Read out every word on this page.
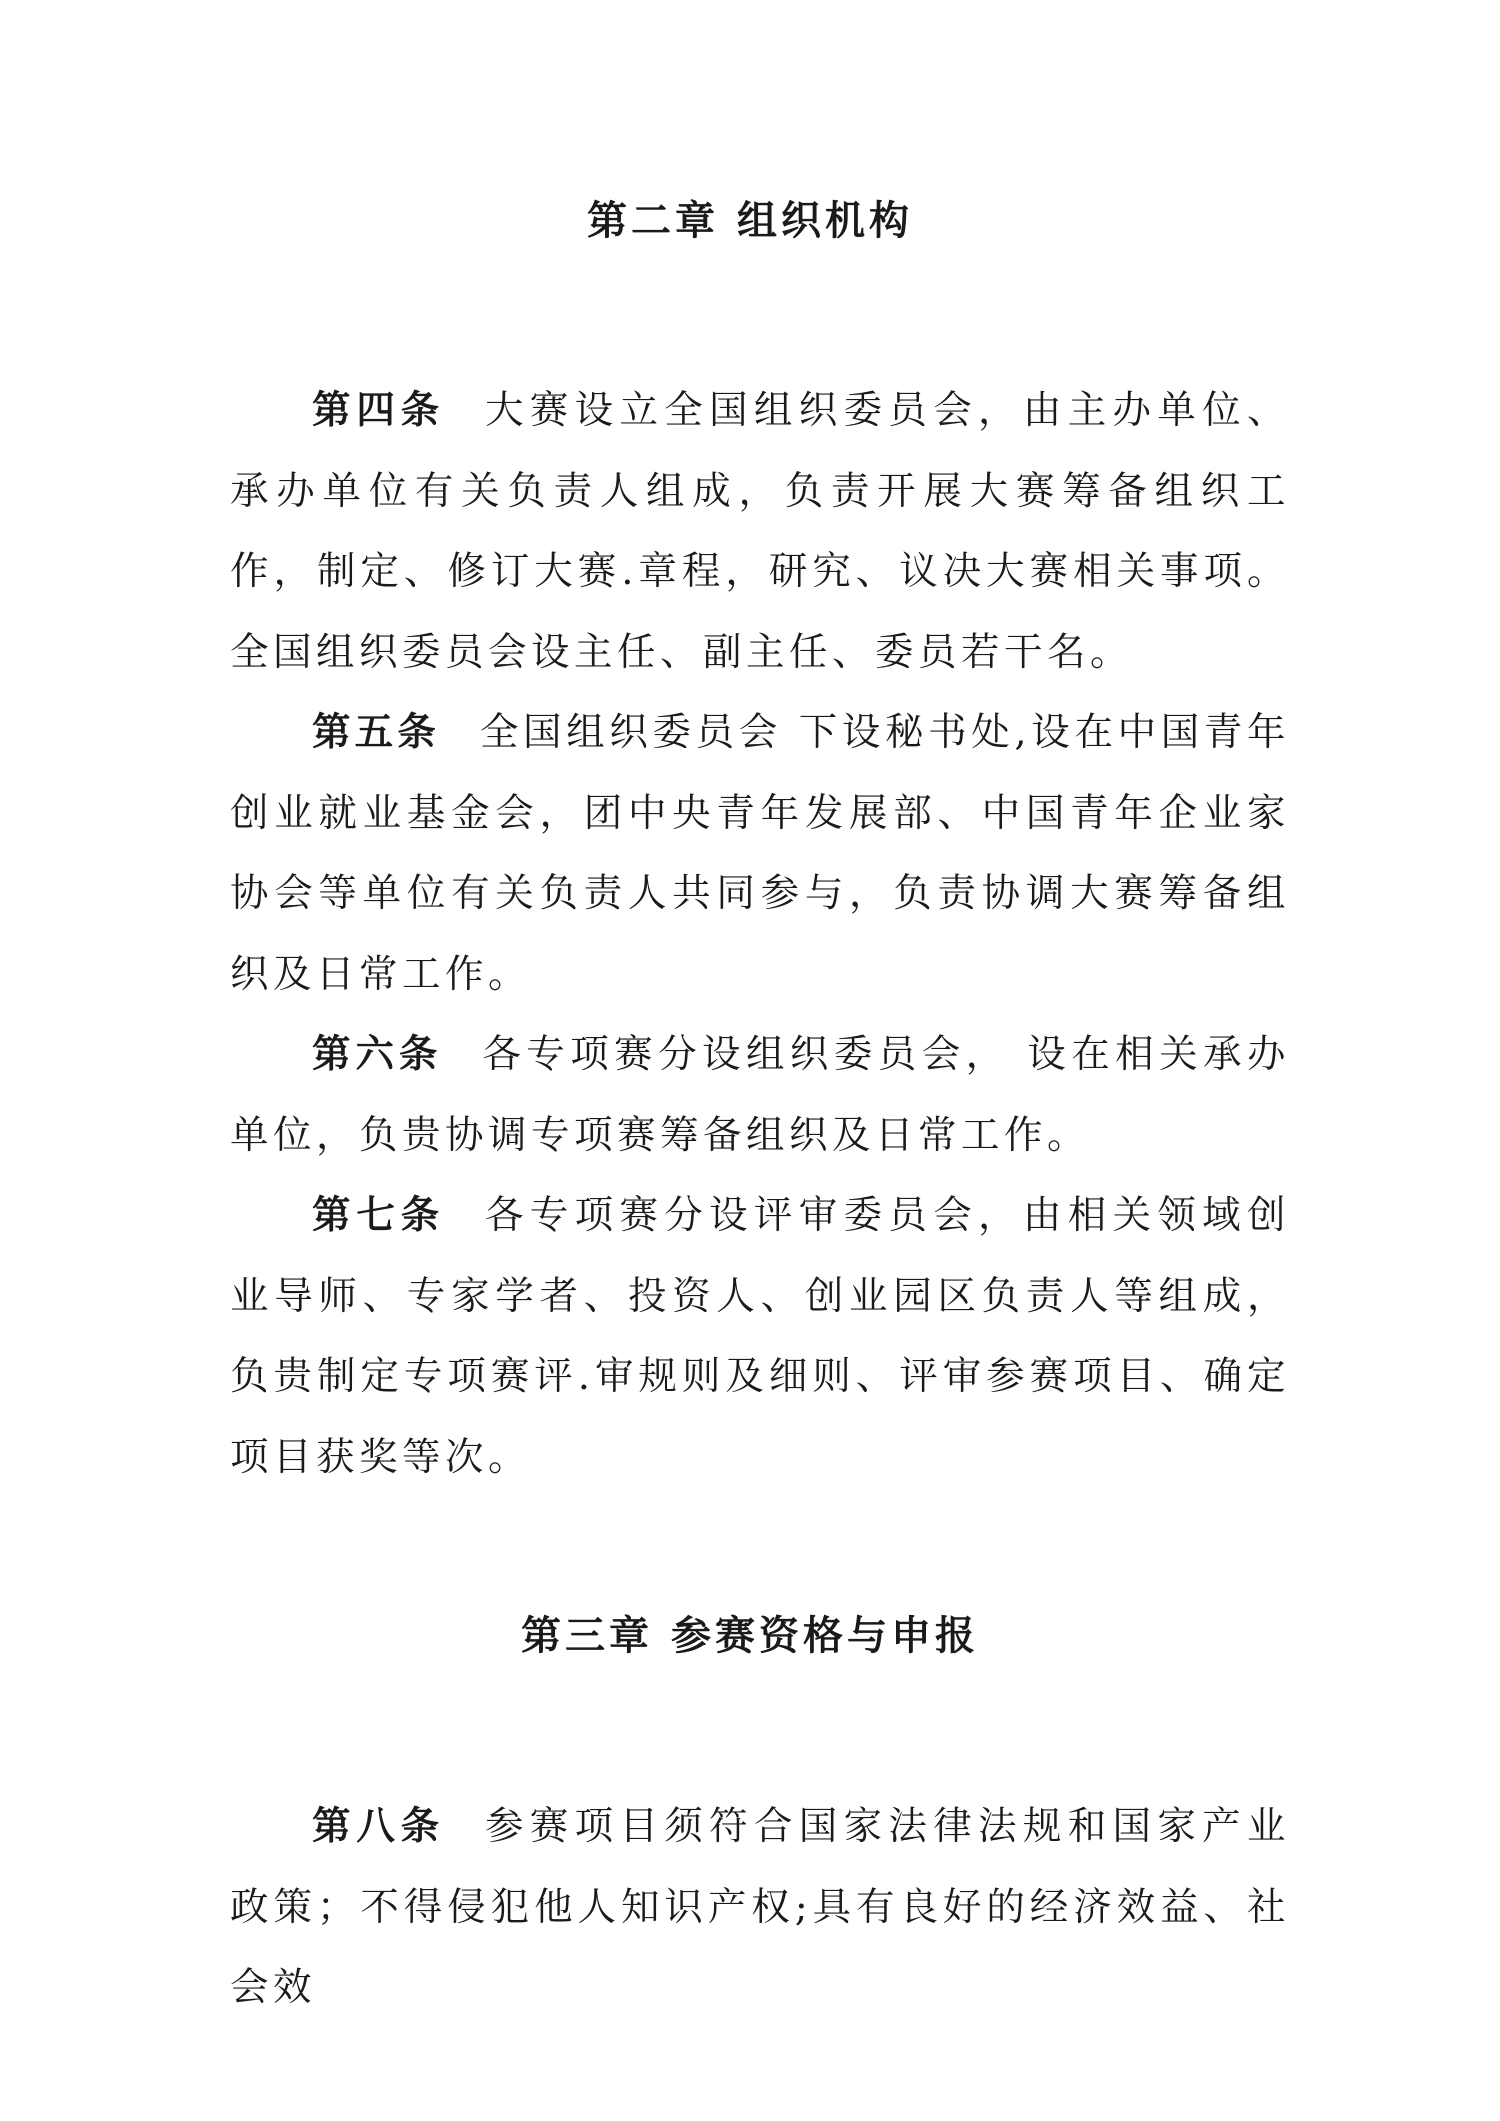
第二章 组织机构
第四条 大赛设立全国组织委员会，由主办单位、承办单位有关负责人组成，负责开展大赛筹备组织工作，制定、修订大赛.章程，研究、议决大赛相关事项。全国组织委员会设主任、副主任、委员若干名。
第五条 全国组织委员会 下设秘书处,设在中国青年创业就业基金会，团中央青年发展部、中国青年企业家协会等单位有关负责人共同参与，负责协调大赛筹备组织及日常工作。
第六条 各专项赛分设组织委员会， 设在相关承办单位，负贵协调专项赛筹备组织及日常工作。
第七条 各专项赛分设评审委员会，由相关领域创业导师、专家学者、投资人、创业园区负责人等组成，负贵制定专项赛评.审规则及细则、评审参赛项目、确定项目获奖等次。
第三章 参赛资格与申报
第八条 参赛项目须符合国家法律法规和国家产业政策；不得侵犯他人知识产权;具有良好的经济效益、社会效
